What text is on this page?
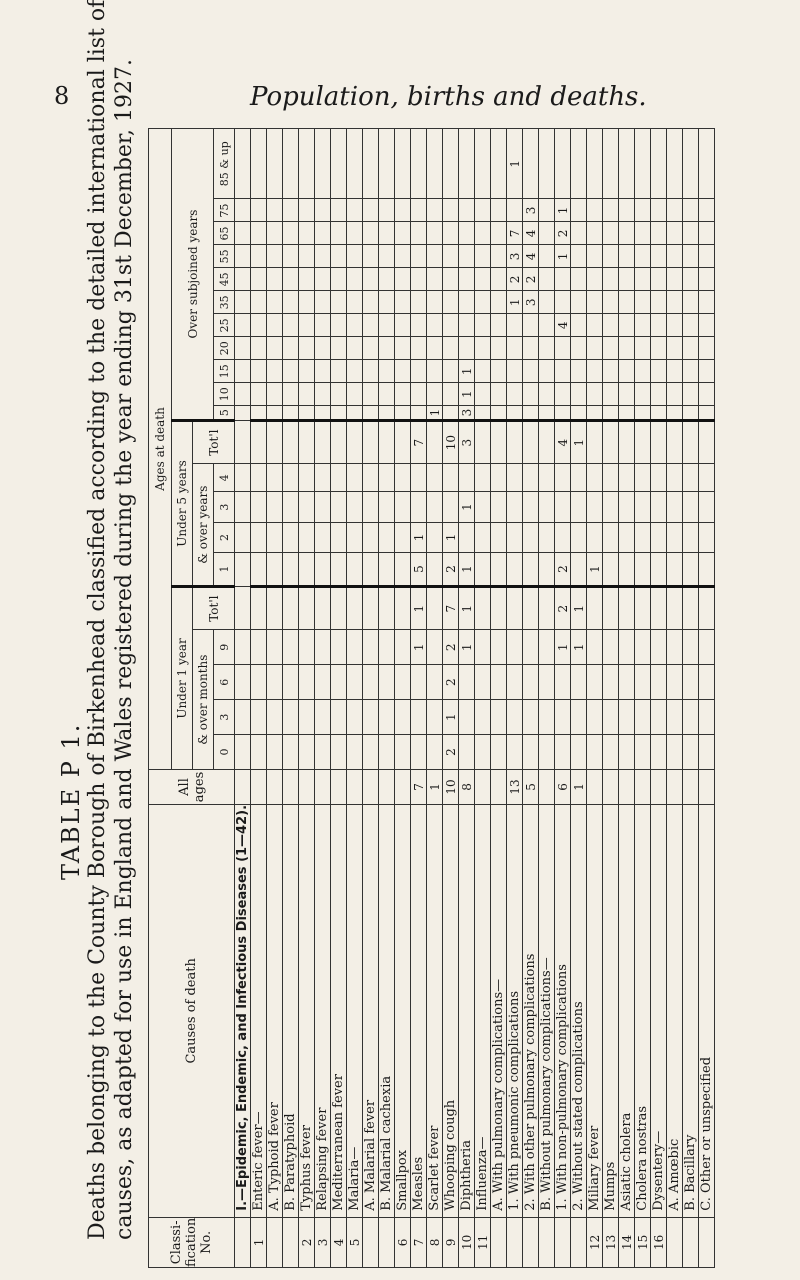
8	Population, births and deaths.
TABLE P 1. Deaths belonging to the County Borough of Birkenhead classified according to the detailed international list of causes, as adapted for use in England and Wales registered during the year ending 31st December, 1927.
Classi-fication No.	Causes of death	All ages	Ages at death																				
			Under 1 year					Under 5 years					Over subjoined years										
			& over months				Tot'l	& over years				Tot'l											
			0	3	6	9		1	2	3	4		5	10	15	20	25	35	45	55	65	75	85 & up
	I.—Epidemic, Endemic, and Infectious Diseases (1—42).																						
1	Enteric fever—																						
	A. Typhoid fever																						
	B. Paratyphoid																						
2	Typhus fever																						
3	Relapsing fever																						
4	Mediterranean fever																						
5	Malaria—																						
	A. Malarial fever																						
	B. Malarial cachexia																						
6	Smallpox																						
7	Measles	7				1	1	5	1			7											
8	Scarlet fever	1											1										
9	Whooping cough	10	2	1	2	2	7	2	1			10											
10	Diphtheria	8				1	1	1		1		3	3	1	1								
11	Influenza—																						
	A. With pulmonary complications—																						
	1. With pneumonic complications	13																1	2	3	7		1
	2. With other pulmonary complications	5																3	2	4	4	3	
	B. Without pulmonary complications—																						
	1. With non-pulmonary complications	6				1	2	2				4					4			1	2	1	
	2. Without stated complications	1				1	1					1											
12	Miliary fever							1															
13	Mumps																						
14	Asiatic cholera																						
15	Cholera nostras																						
16	Dysentery—																						
	A. Amœbic																						
	B. Bacillary																						
	C. Other or unspecified																						
